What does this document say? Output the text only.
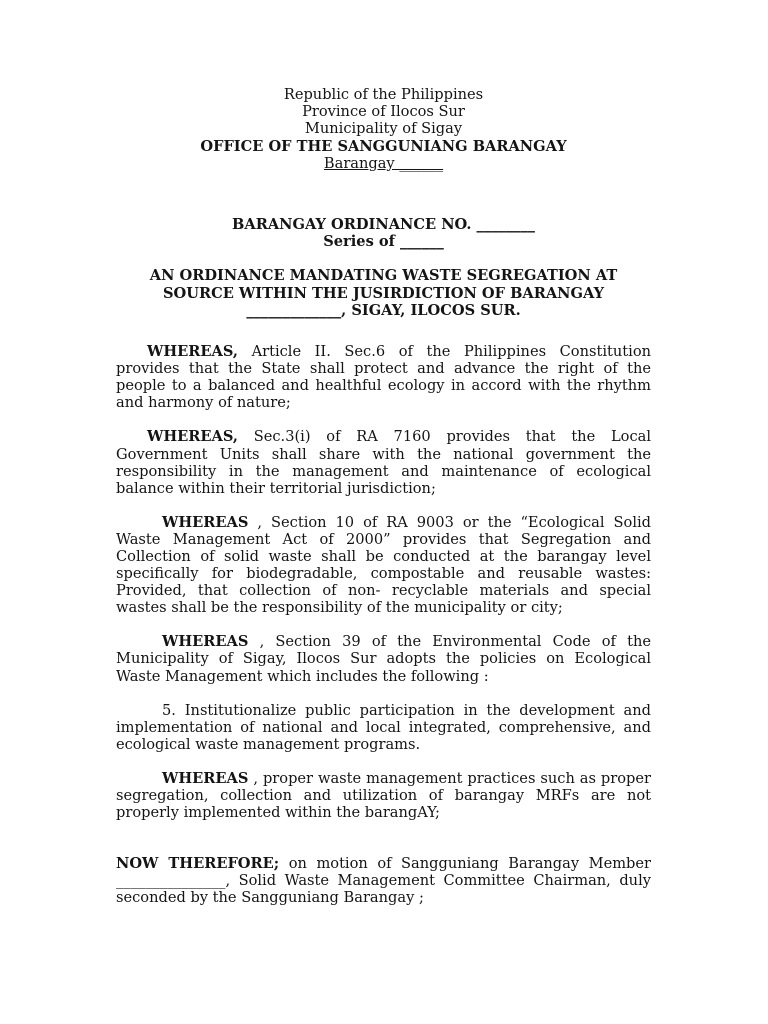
Republic of the Philippines
Province of Ilocos Sur
Municipality of Sigay
OFFICE OF THE SANGGUNIANG BARANGAY
Barangay ______
BARANGAY ORDINANCE NO. ________
Series of ______
AN ORDINANCE MANDATING WASTE SEGREGATION AT
SOURCE WITHIN THE JUSIRDICTION OF BARANGAY
_____________, SIGAY, ILOCOS SUR.

WHEREAS, Article II. Sec.6 of the Philippines Constitution provides that the State shall protect and advance the right of the people to a balanced and healthful ecology in accord with the rhythm and harmony of nature;

WHEREAS, Sec.3(i) of RA 7160 provides that the Local Government Units shall share with the national government the responsibility in the management and maintenance of ecological balance within their territorial jurisdiction;

WHEREAS , Section 10 of RA 9003 or the “Ecological Solid Waste Management Act of 2000” provides that Segregation and Collection of solid waste shall be conducted at the barangay level specifically for biodegradable, compostable and reusable wastes: Provided, that collection of non- recyclable materials and special wastes shall be the responsibility of the municipality or city;

WHEREAS , Section 39 of the Environmental Code of the Municipality of Sigay, Ilocos Sur adopts the policies on Ecological Waste Management which includes the following :

5. Institutionalize public participation in the development and implementation of national and local integrated, comprehensive, and ecological waste management programs.

WHEREAS , proper waste management practices such as proper segregation, collection and utilization of barangay MRFs are not properly implemented within the barangAY;

NOW THEREFORE; on motion of Sangguniang Barangay Member _______________, Solid Waste Management Committee Chairman, duly seconded by the Sangguniang Barangay ;
